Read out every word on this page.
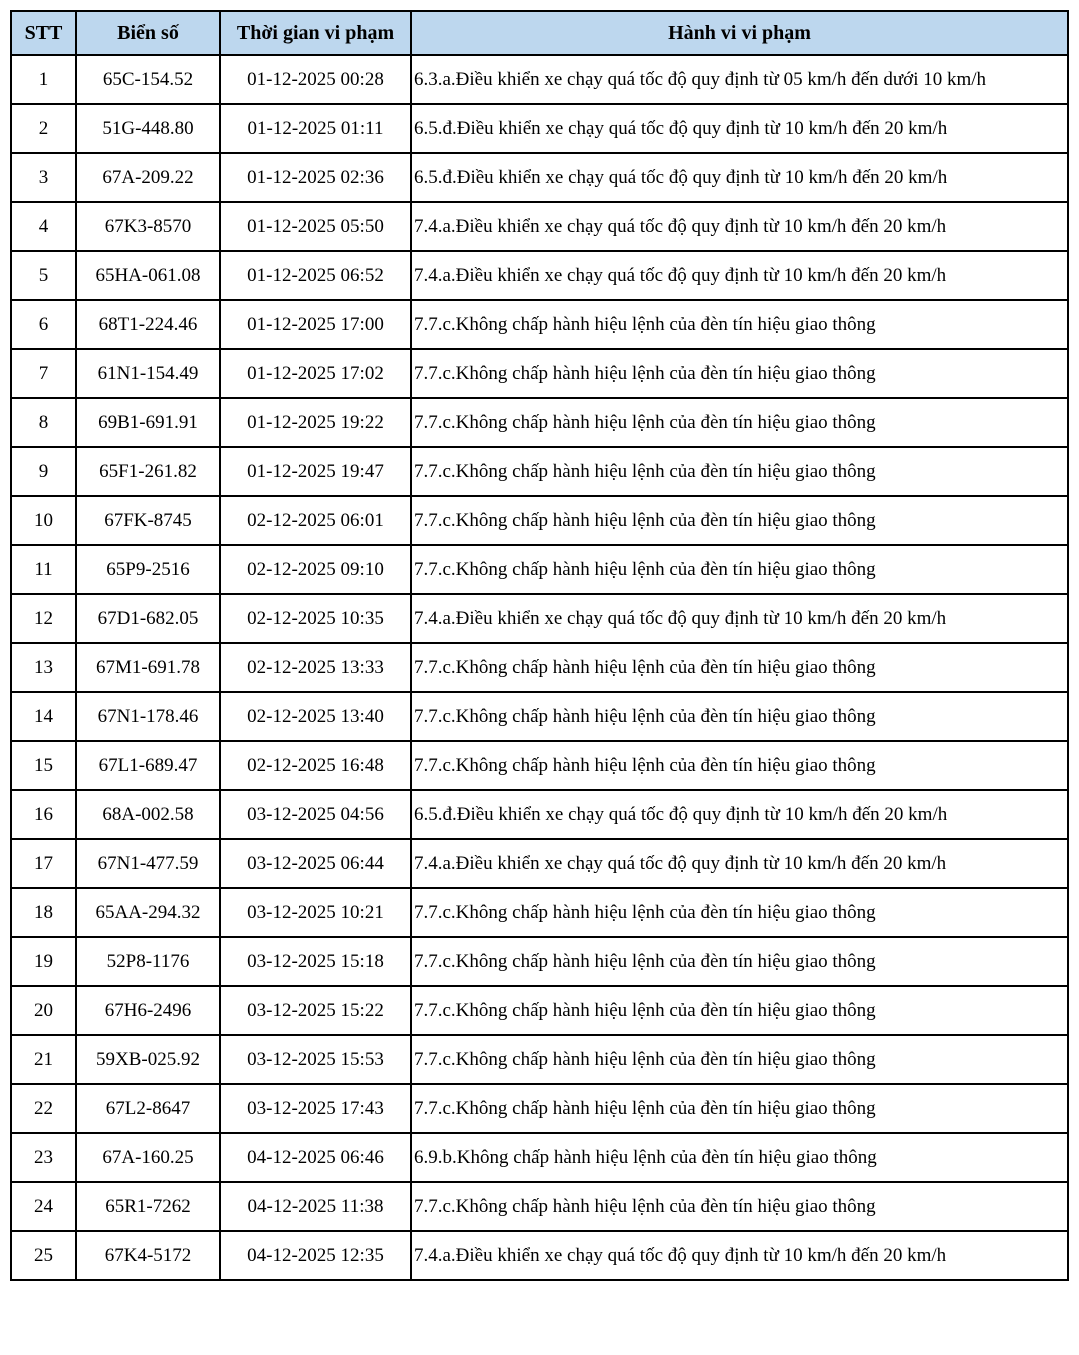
STT	Biển số	Thời gian vi phạm	Hành vi vi phạm
1	65C-154.52	01-12-2025 00:28	6.3.a.Điều khiển xe chạy quá tốc độ quy định từ 05 km/h đến dưới 10 km/h
2	51G-448.80	01-12-2025 01:11	6.5.đ.Điều khiển xe chạy quá tốc độ quy định từ 10 km/h đến 20 km/h
3	67A-209.22	01-12-2025 02:36	6.5.đ.Điều khiển xe chạy quá tốc độ quy định từ 10 km/h đến 20 km/h
4	67K3-8570	01-12-2025 05:50	7.4.a.Điều khiển xe chạy quá tốc độ quy định từ 10 km/h đến 20 km/h
5	65HA-061.08	01-12-2025 06:52	7.4.a.Điều khiển xe chạy quá tốc độ quy định từ 10 km/h đến 20 km/h
6	68T1-224.46	01-12-2025 17:00	7.7.c.Không chấp hành hiệu lệnh của đèn tín hiệu giao thông
7	61N1-154.49	01-12-2025 17:02	7.7.c.Không chấp hành hiệu lệnh của đèn tín hiệu giao thông
8	69B1-691.91	01-12-2025 19:22	7.7.c.Không chấp hành hiệu lệnh của đèn tín hiệu giao thông
9	65F1-261.82	01-12-2025 19:47	7.7.c.Không chấp hành hiệu lệnh của đèn tín hiệu giao thông
10	67FK-8745	02-12-2025 06:01	7.7.c.Không chấp hành hiệu lệnh của đèn tín hiệu giao thông
11	65P9-2516	02-12-2025 09:10	7.7.c.Không chấp hành hiệu lệnh của đèn tín hiệu giao thông
12	67D1-682.05	02-12-2025 10:35	7.4.a.Điều khiển xe chạy quá tốc độ quy định từ 10 km/h đến 20 km/h
13	67M1-691.78	02-12-2025 13:33	7.7.c.Không chấp hành hiệu lệnh của đèn tín hiệu giao thông
14	67N1-178.46	02-12-2025 13:40	7.7.c.Không chấp hành hiệu lệnh của đèn tín hiệu giao thông
15	67L1-689.47	02-12-2025 16:48	7.7.c.Không chấp hành hiệu lệnh của đèn tín hiệu giao thông
16	68A-002.58	03-12-2025 04:56	6.5.đ.Điều khiển xe chạy quá tốc độ quy định từ 10 km/h đến 20 km/h
17	67N1-477.59	03-12-2025 06:44	7.4.a.Điều khiển xe chạy quá tốc độ quy định từ 10 km/h đến 20 km/h
18	65AA-294.32	03-12-2025 10:21	7.7.c.Không chấp hành hiệu lệnh của đèn tín hiệu giao thông
19	52P8-1176	03-12-2025 15:18	7.7.c.Không chấp hành hiệu lệnh của đèn tín hiệu giao thông
20	67H6-2496	03-12-2025 15:22	7.7.c.Không chấp hành hiệu lệnh của đèn tín hiệu giao thông
21	59XB-025.92	03-12-2025 15:53	7.7.c.Không chấp hành hiệu lệnh của đèn tín hiệu giao thông
22	67L2-8647	03-12-2025 17:43	7.7.c.Không chấp hành hiệu lệnh của đèn tín hiệu giao thông
23	67A-160.25	04-12-2025 06:46	6.9.b.Không chấp hành hiệu lệnh của đèn tín hiệu giao thông
24	65R1-7262	04-12-2025 11:38	7.7.c.Không chấp hành hiệu lệnh của đèn tín hiệu giao thông
25	67K4-5172	04-12-2025 12:35	7.4.a.Điều khiển xe chạy quá tốc độ quy định từ 10 km/h đến 20 km/h
